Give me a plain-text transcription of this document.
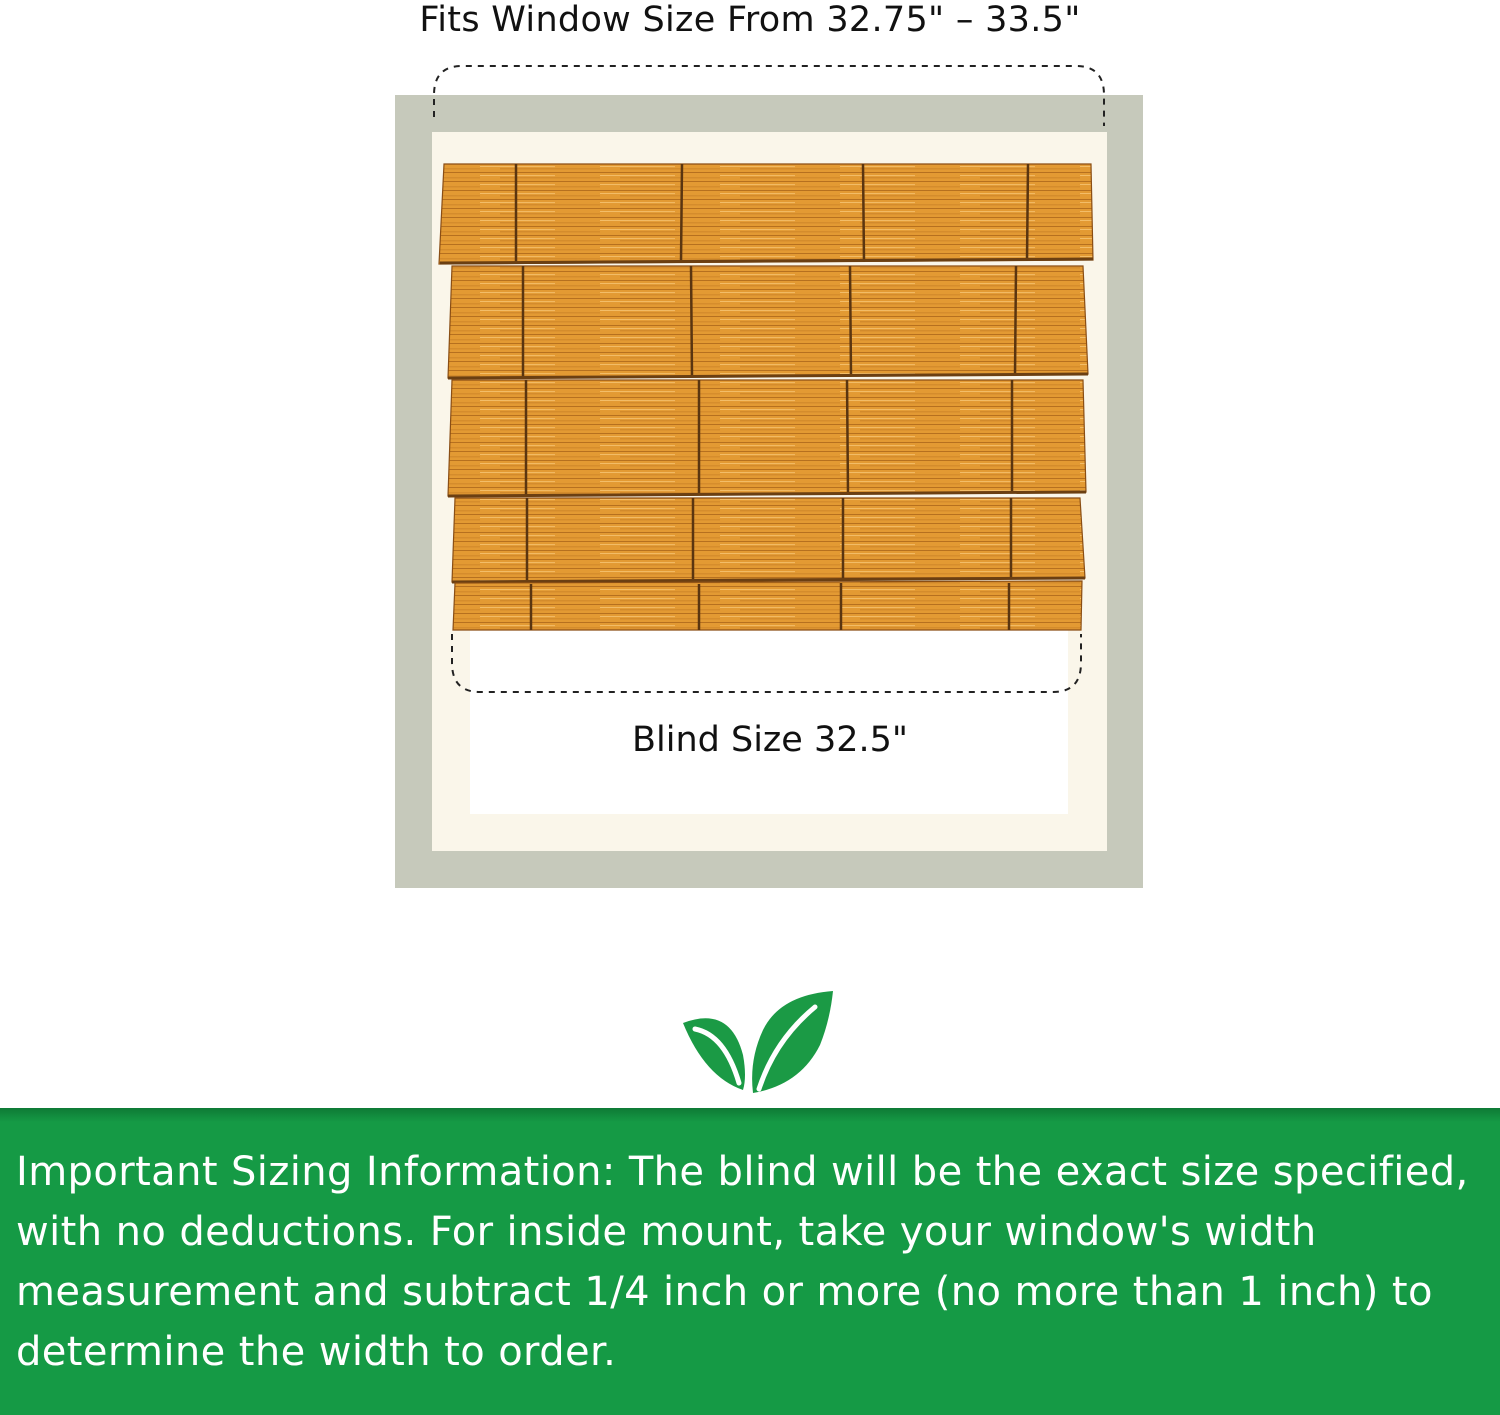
Fits Window Size From 32.75" – 33.5"
Blind Size 32.5"

Important Sizing Information: The blind will be the exact size specified, with no deductions. For inside mount, take your window's width measurement and subtract 1/4 inch or more (no more than 1 inch) to determine the width to order.
